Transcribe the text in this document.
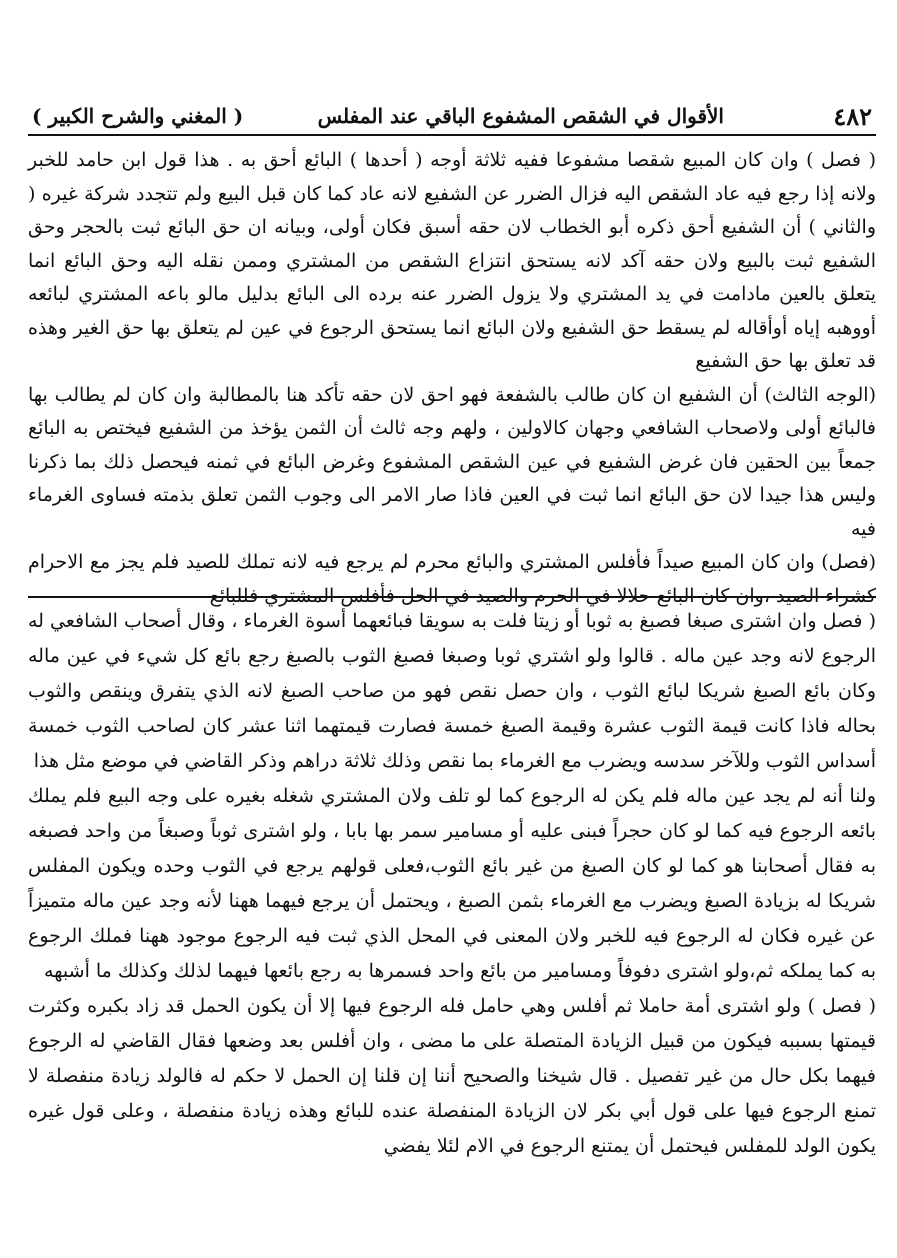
٤٨٢
الأقوال في الشقص المشفوع الباقي عند المفلس
( المغني والشرح الكبير )

( فصل ) وان كان المبيع شقصا مشفوعا ففيه ثلاثة أوجه ( أحدها ) البائع أحق به . هذا قول ابن حامد للخبر ولانه إذا رجع فيه عاد الشقص اليه فزال الضرر عن الشفيع لانه عاد كما كان قبل البيع ولم تتجدد شركة غيره ( والثاني ) أن الشفيع أحق ذكره أبو الخطاب لان حقه أسبق فكان أولى، وبيانه ان حق البائع ثبت بالحجر وحق الشفيع ثبت بالبيع ولان حقه آكد لانه يستحق انتزاع الشقص من المشتري وممن نقله اليه وحق البائع انما يتعلق بالعين مادامت في يد المشتري ولا يزول الضرر عنه برده الى البائع بدليل مالو باعه المشتري لبائعه أووهبه إياه أوأقاله لم يسقط حق الشفيع ولان البائع انما يستحق الرجوع في عين لم يتعلق بها حق الغير وهذه قد تعلق بها حق الشفيع

(الوجه الثالث) أن الشفيع ان كان طالب بالشفعة فهو احق لان حقه تأكد هنا بالمطالبة وان كان لم يطالب بها فالبائع أولى ولاصحاب الشافعي وجهان كالاولين ، ولهم وجه ثالث أن الثمن يؤخذ من الشفيع فيختص به البائع جمعاً بين الحقين فان غرض الشفيع في عين الشقص المشفوع وغرض البائع في ثمنه فيحصل ذلك بما ذكرنا وليس هذا جيدا لان حق البائع انما ثبت في العين فاذا صار الامر الى وجوب الثمن تعلق بذمته فساوى الغرماء فيه

(فصل) وان كان المبيع صيداً فأفلس المشتري والبائع محرم لم يرجع فيه لانه تملك للصيد فلم يجز مع الاحرام كشراء الصيد ،وان كان البائع حلالا في الحرم والصيد في الحل فأفلس المشتري فللبائع

( فصل وان اشترى صبغا فصبغ به ثوبا أو زيتا فلت به سويقا فبائعهما أسوة الغرماء ، وقال أصحاب الشافعي له الرجوع لانه وجد عين ماله . قالوا ولو اشتري ثوبا وصبغا فصبغ الثوب بالصبغ رجع بائع كل شيء في عين ماله وكان بائع الصبغ شريكا لبائع الثوب ، وان حصل نقص فهو من صاحب الصبغ لانه الذي يتفرق وينقص والثوب بحاله فاذا كانت قيمة الثوب عشرة وقيمة الصبغ خمسة فصارت قيمتهما اثنا عشر كان لصاحب الثوب خمسة أسداس الثوب وللآخر سدسه ويضرب مع الغرماء بما نقص وذلك ثلاثة دراهم وذكر القاضي في موضع مثل هذا

ولنا أنه لم يجد عين ماله فلم يكن له الرجوع كما لو تلف ولان المشتري شغله بغيره على وجه البيع فلم يملك بائعه الرجوع فيه كما لو كان حجراً فبنى عليه أو مسامير سمر بها بابا ، ولو اشترى ثوباً وصبغاً من واحد فصبغه به فقال أصحابنا هو كما لو كان الصبغ من غير بائع الثوب،فعلى قولهم يرجع في الثوب وحده ويكون المفلس شريكا له بزيادة الصبغ ويضرب مع الغرماء بثمن الصبغ ، ويحتمل أن يرجع فيهما ههنا لأنه وجد عين ماله متميزاً عن غيره فكان له الرجوع فيه للخبر ولان المعنى في المحل الذي ثبت فيه الرجوع موجود ههنا فملك الرجوع به كما يملكه ثم،ولو اشترى دفوفاً ومسامير من بائع واحد فسمرها به رجع بائعها فيهما لذلك وكذلك ما أشبهه

( فصل ) ولو اشترى أمة حاملا ثم أفلس وهي حامل فله الرجوع فيها إلا أن يكون الحمل قد زاد بكبره وكثرت قيمتها بسببه فيكون من قبيل الزيادة المتصلة على ما مضى ، وان أفلس بعد وضعها فقال القاضي له الرجوع فيهما بكل حال من غير تفصيل . قال شيخنا والصحيح أننا إن قلنا إن الحمل لا حكم له فالولد زيادة منفصلة لا تمنع الرجوع فيها على قول أبي بكر لان الزيادة المنفصلة عنده للبائع وهذه زيادة منفصلة ، وعلى قول غيره يكون الولد للمفلس فيحتمل أن يمتنع الرجوع في الام لئلا يفضي
